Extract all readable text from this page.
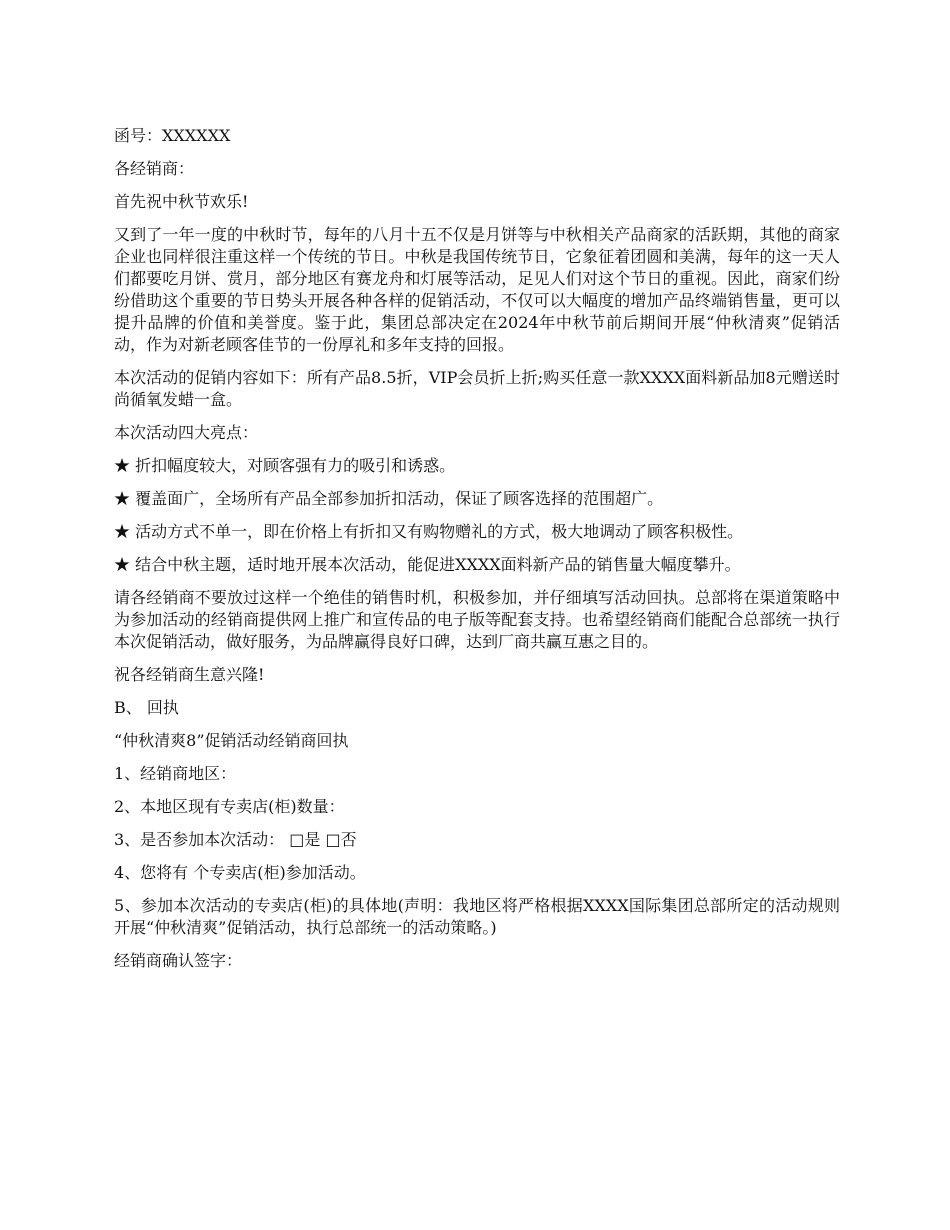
函号：XXXXXX

各经销商：

首先祝中秋节欢乐!

又到了一年一度的中秋时节，每年的八月十五不仅是月饼等与中秋相关产品商家的活跃期，其他的商家企业也同样很注重这样一个传统的节日。中秋是我国传统节日，它象征着团圆和美满，每年的这一天人们都要吃月饼、赏月，部分地区有赛龙舟和灯展等活动，足见人们对这个节日的重视。因此，商家们纷纷借助这个重要的节日势头开展各种各样的促销活动，不仅可以大幅度的增加产品终端销售量，更可以提升品牌的价值和美誉度。鉴于此，集团总部决定在2024年中秋节前后期间开展“仲秋清爽”促销活动，作为对新老顾客佳节的一份厚礼和多年支持的回报。

本次活动的促销内容如下：所有产品8.5折，VIP会员折上折;购买任意一款XXXX面料新品加8元赠送时尚循氧发蜡一盒。

本次活动四大亮点：

★ 折扣幅度较大，对顾客强有力的吸引和诱惑。

★ 覆盖面广，全场所有产品全部参加折扣活动，保证了顾客选择的范围超广。

★ 活动方式不单一，即在价格上有折扣又有购物赠礼的方式，极大地调动了顾客积极性。

★ 结合中秋主题，适时地开展本次活动，能促进XXXX面料新产品的销售量大幅度攀升。

请各经销商不要放过这样一个绝佳的销售时机，积极参加，并仔细填写活动回执。总部将在渠道策略中为参加活动的经销商提供网上推广和宣传品的电子版等配套支持。也希望经销商们能配合总部统一执行本次促销活动，做好服务，为品牌赢得良好口碑，达到厂商共赢互惠之目的。

祝各经销商生意兴隆!

B、 回执

“仲秋清爽8”促销活动经销商回执

1、经销商地区：

2、本地区现有专卖店(柜)数量：

3、是否参加本次活动： □是 □否

4、您将有 个专卖店(柜)参加活动。

5、参加本次活动的专卖店(柜)的具体地(声明：我地区将严格根据XXXX国际集团总部所定的活动规则开展“仲秋清爽”促销活动，执行总部统一的活动策略。)

经销商确认签字：
